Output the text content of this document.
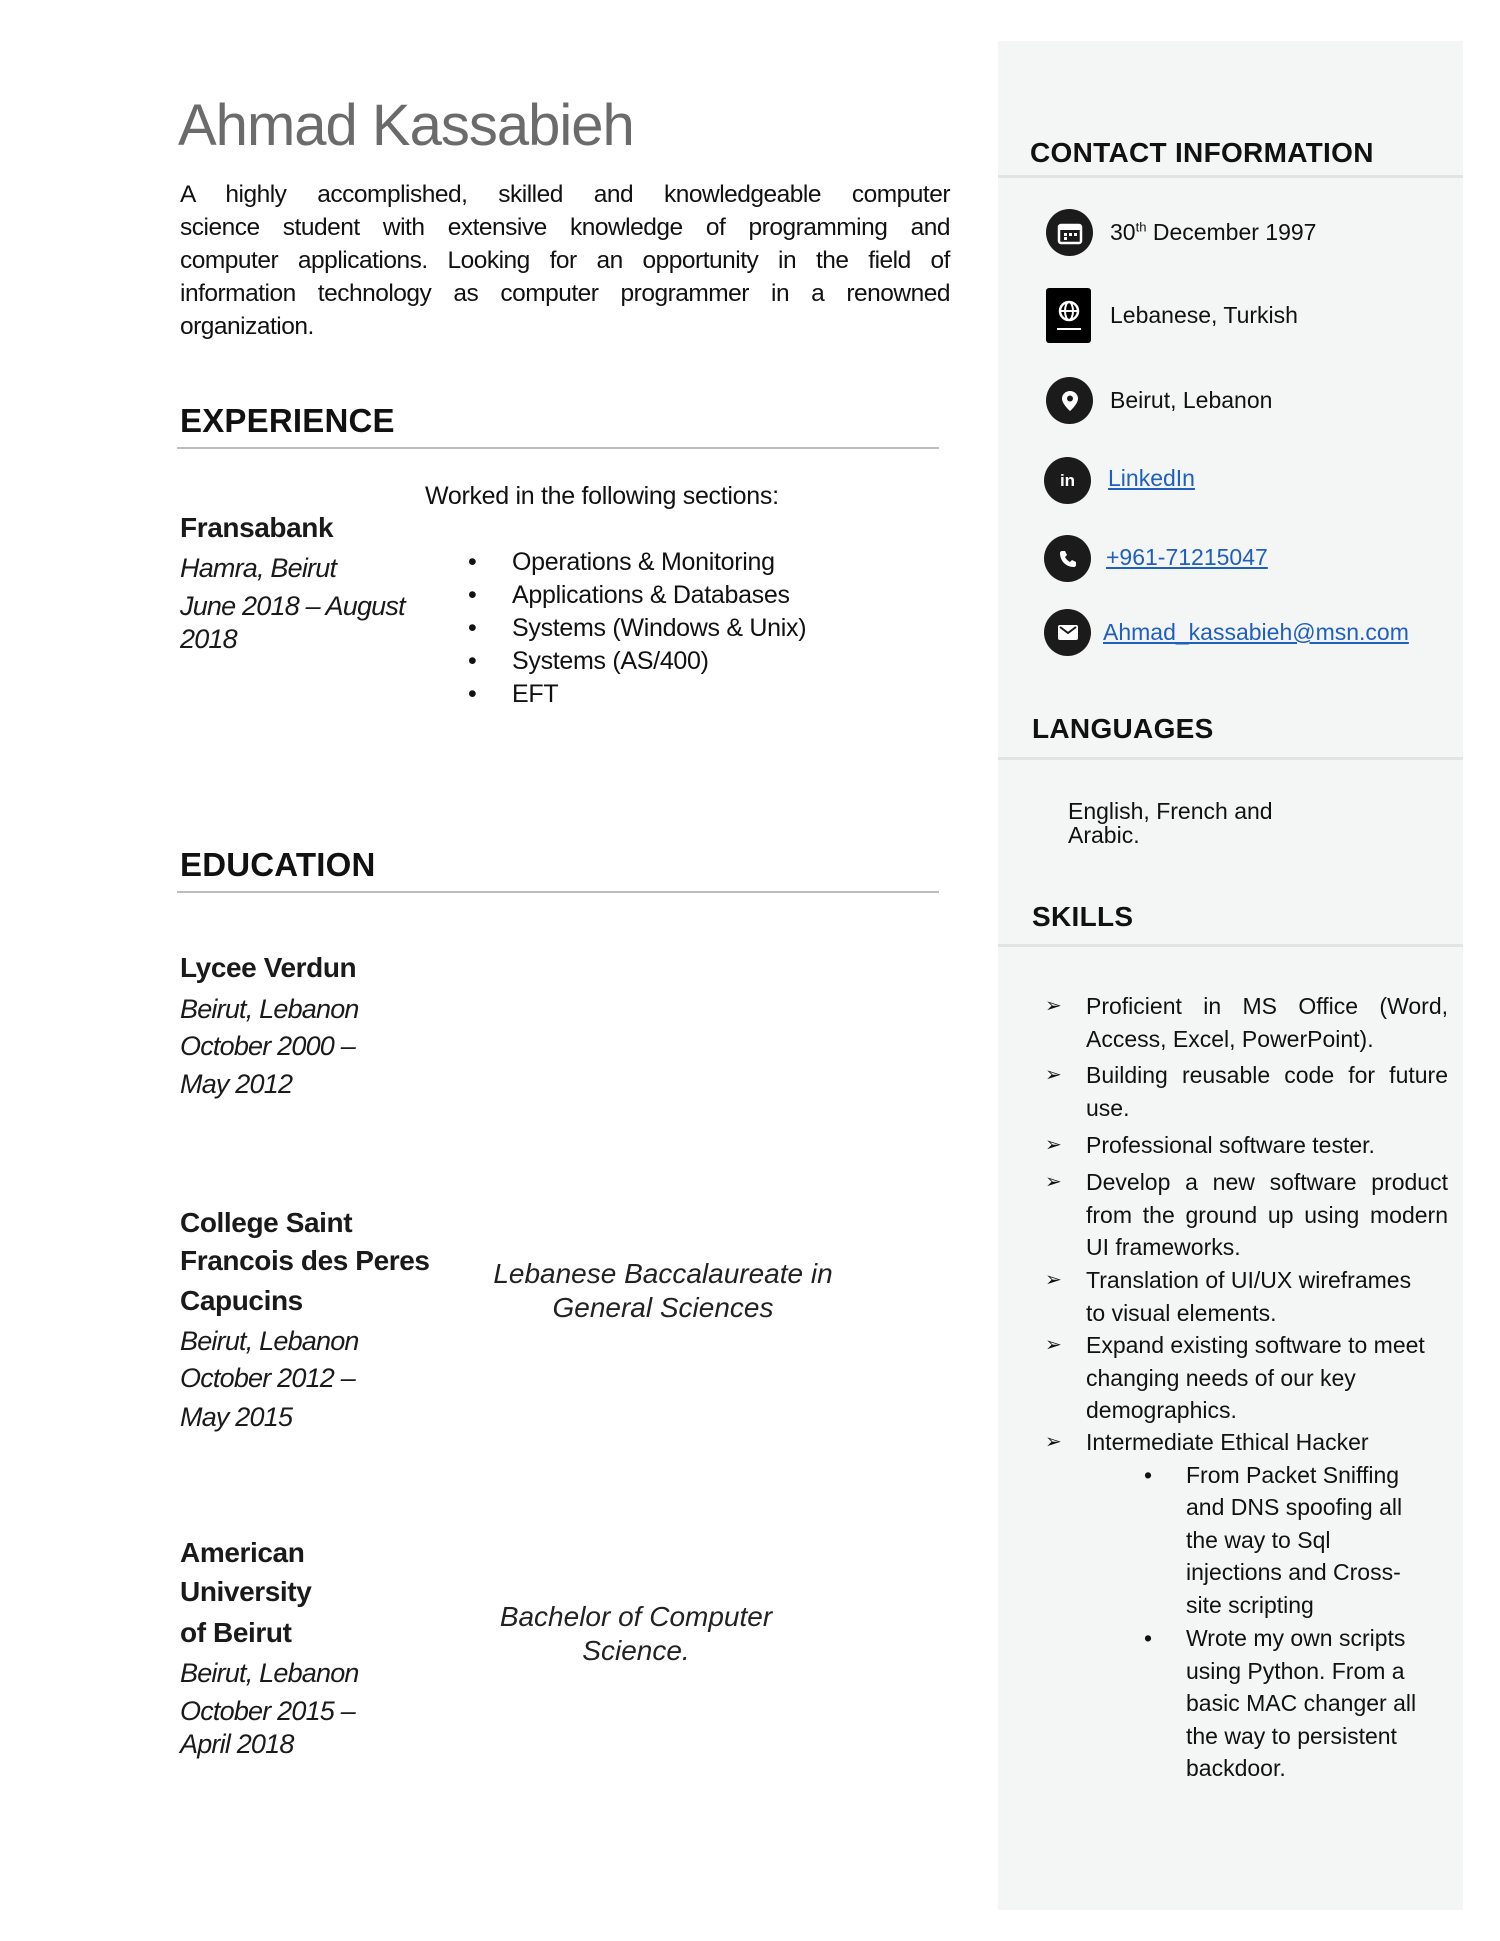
Ahmad Kassabieh
A highly accomplished, skilled and knowledgeable computer
science student with extensive knowledge of programming and
computer applications. Looking for an opportunity in the field of
information technology as computer programmer in a renowned
organization.
EXPERIENCE
Fransabank
Hamra, Beirut
June 2018 – August
2018
Worked in the following sections:
• Operations & Monitoring
• Applications & Databases
• Systems (Windows & Unix)
• Systems (AS/400)
• EFT
EDUCATION
Lycee Verdun
Beirut, Lebanon
October 2000 –
May 2012
College Saint
Francois des Peres
Capucins
Beirut, Lebanon
October 2012 –
May 2015
Lebanese Baccalaureate in
General Sciences
American
University
of Beirut
Beirut, Lebanon
October 2015 –
April 2018
Bachelor of Computer
Science.
CONTACT INFORMATION
30th December 1997
Lebanese, Turkish
Beirut, Lebanon
in	LinkedIn
+961-71215047
Ahmad_kassabieh@msn.com
LANGUAGES
English, French and
Arabic.
SKILLS
➢ Proficient in MS Office (Word,
Access, Excel, PowerPoint).
➢ Building reusable code for future
use.
➢ Professional software tester.
➢ Develop a new software product
from the ground up using modern
UI frameworks.
➢ Translation of UI/UX wireframes
to visual elements.
➢ Expand existing software to meet
changing needs of our key
demographics.
➢ Intermediate Ethical Hacker
• From Packet Sniffing
and DNS spoofing all
the way to Sql
injections and Cross-
site scripting
• Wrote my own scripts
using Python. From a
basic MAC changer all
the way to persistent
backdoor.
